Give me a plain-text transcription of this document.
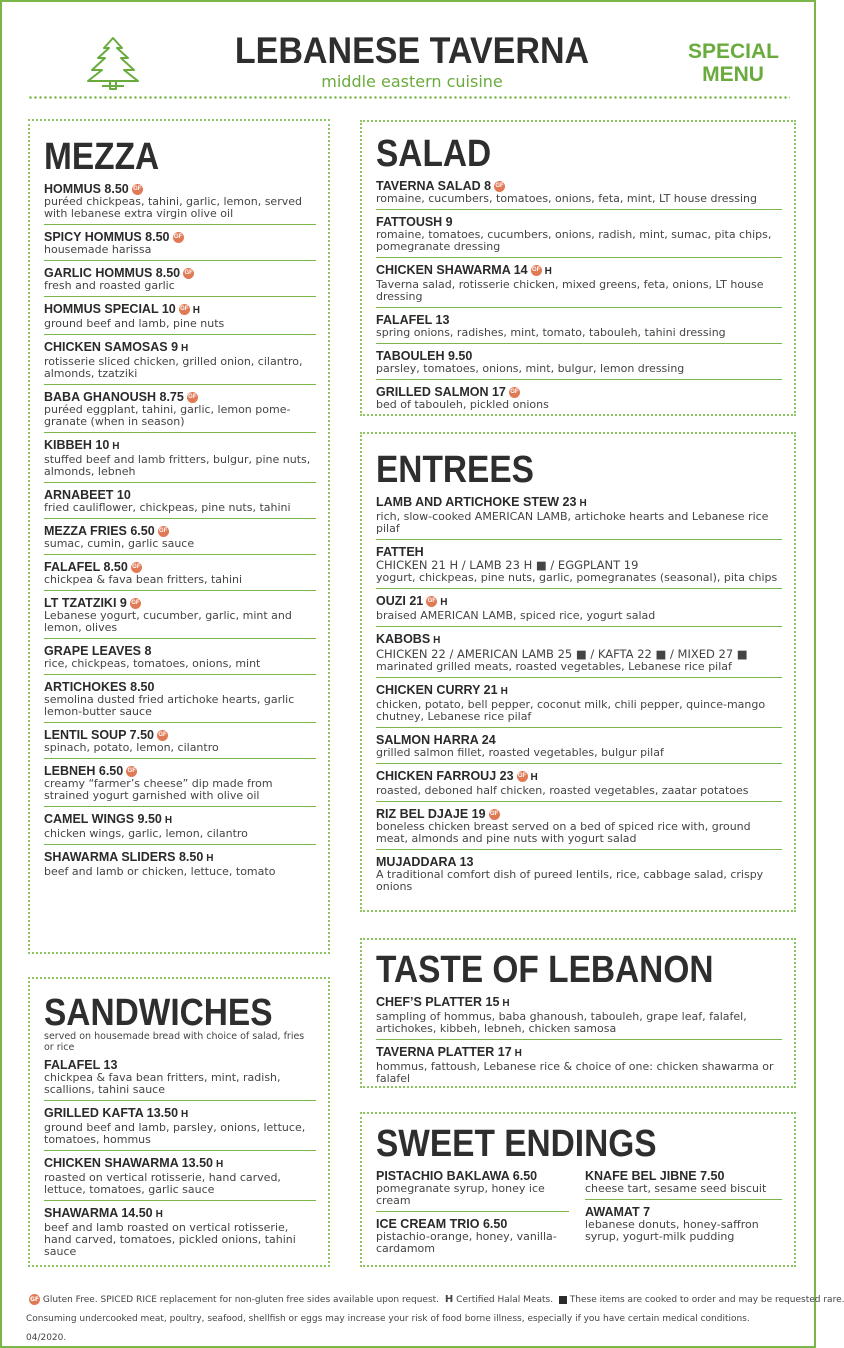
LEBANESE TAVERNA
middle eastern cuisine
SPECIAL
MENU
MEZZA
HOMMUS 8.50 GF
puréed chickpeas, tahini, garlic, lemon, served with lebanese extra virgin olive oil
SPICY HOMMUS 8.50 GF
housemade harissa
GARLIC HOMMUS 8.50 GF
fresh and roasted garlic
HOMMUS SPECIAL 10 GF H
ground beef and lamb, pine nuts
CHICKEN SAMOSAS 9 H
rotisserie sliced chicken, grilled onion, cilantro, almonds, tzatziki
BABA GHANOUSH 8.75 GF
puréed eggplant, tahini, garlic, lemon pome-granate (when in season)
KIBBEH 10 H
stuffed beef and lamb fritters, bulgur, pine nuts, almonds, lebneh
ARNABEET 10
fried cauliflower, chickpeas, pine nuts, tahini
MEZZA FRIES 6.50 GF
sumac, cumin, garlic sauce
FALAFEL 8.50 GF
chickpea & fava bean fritters, tahini
LT TZATZIKI 9 GF
Lebanese yogurt, cucumber, garlic, mint and lemon, olives
GRAPE LEAVES 8
rice, chickpeas, tomatoes, onions, mint
ARTICHOKES 8.50
semolina dusted fried artichoke hearts, garlic lemon-butter sauce
LENTIL SOUP 7.50 GF
spinach, potato, lemon, cilantro
LEBNEH 6.50 GF
creamy “farmer’s cheese” dip made from strained yogurt garnished with olive oil
CAMEL WINGS 9.50 H
chicken wings, garlic, lemon, cilantro
SHAWARMA SLIDERS 8.50 H
beef and lamb or chicken, lettuce, tomato
SANDWICHES
served on housemade bread with choice of salad, fries or rice
FALAFEL 13
chickpea & fava bean fritters, mint, radish, scallions, tahini sauce
GRILLED KAFTA 13.50 H
ground beef and lamb, parsley, onions, lettuce, tomatoes, hommus
CHICKEN SHAWARMA 13.50 H
roasted on vertical rotisserie, hand carved, lettuce, tomatoes, garlic sauce
SHAWARMA 14.50 H
beef and lamb roasted on vertical rotisserie, hand carved, tomatoes, pickled onions, tahini sauce
SALAD
TAVERNA SALAD 8 GF
romaine, cucumbers, tomatoes, onions, feta, mint, LT house dressing
FATTOUSH 9
romaine, tomatoes, cucumbers, onions, radish, mint, sumac, pita chips, pomegranate dressing
CHICKEN SHAWARMA 14 GF H
Taverna salad, rotisserie chicken, mixed greens, feta, onions, LT house dressing
FALAFEL 13
spring onions, radishes, mint, tomato, tabouleh, tahini dressing
TABOULEH 9.50
parsley, tomatoes, onions, mint, bulgur, lemon dressing
GRILLED SALMON 17 GF
bed of tabouleh, pickled onions
ENTREES
LAMB AND ARTICHOKE STEW 23 H
rich, slow-cooked AMERICAN LAMB, artichoke hearts and Lebanese rice pilaf
FATTEH
CHICKEN 21 H / LAMB 23 H ■ / EGGPLANT 19
yogurt, chickpeas, pine nuts, garlic, pomegranates (seasonal), pita chips
OUZI 21 GF H
braised AMERICAN LAMB, spiced rice, yogurt salad
KABOBS H
CHICKEN 22 / AMERICAN LAMB 25 ■ / KAFTA 22 ■ / MIXED 27 ■
marinated grilled meats, roasted vegetables, Lebanese rice pilaf
CHICKEN CURRY 21 H
chicken, potato, bell pepper, coconut milk, chili pepper, quince-mango chutney, Lebanese rice pilaf
SALMON HARRA 24
grilled salmon fillet, roasted vegetables, bulgur pilaf
CHICKEN FARROUJ 23 GF H
roasted, deboned half chicken, roasted vegetables, zaatar potatoes
RIZ BEL DJAJE 19 GF
boneless chicken breast served on a bed of spiced rice with, ground meat, almonds and pine nuts with yogurt salad
MUJADDARA 13
A traditional comfort dish of pureed lentils, rice, cabbage salad, crispy onions
TASTE OF LEBANON
CHEF’S PLATTER 15 H
sampling of hommus, baba ghanoush, tabouleh, grape leaf, falafel, artichokes, kibbeh, lebneh, chicken samosa
TAVERNA PLATTER 17 H
hommus, fattoush, Lebanese rice & choice of one: chicken shawarma or falafel
SWEET ENDINGS
PISTACHIO BAKLAWA 6.50
pomegranate syrup, honey ice cream
ICE CREAM TRIO 6.50
pistachio-orange, honey, vanilla-cardamom
KNAFE BEL JIBNE 7.50
cheese tart, sesame seed biscuit
AWAMAT 7
lebanese donuts, honey-saffron syrup, yogurt-milk pudding
GF Gluten Free. SPICED RICE replacement for non-gluten free sides available upon request. H Certified Halal Meats. These items are cooked to order and may be requested rare.
Consuming undercooked meat, poultry, seafood, shellfish or eggs may increase your risk of food borne illness, especially if you have certain medical conditions. 04/2020.
